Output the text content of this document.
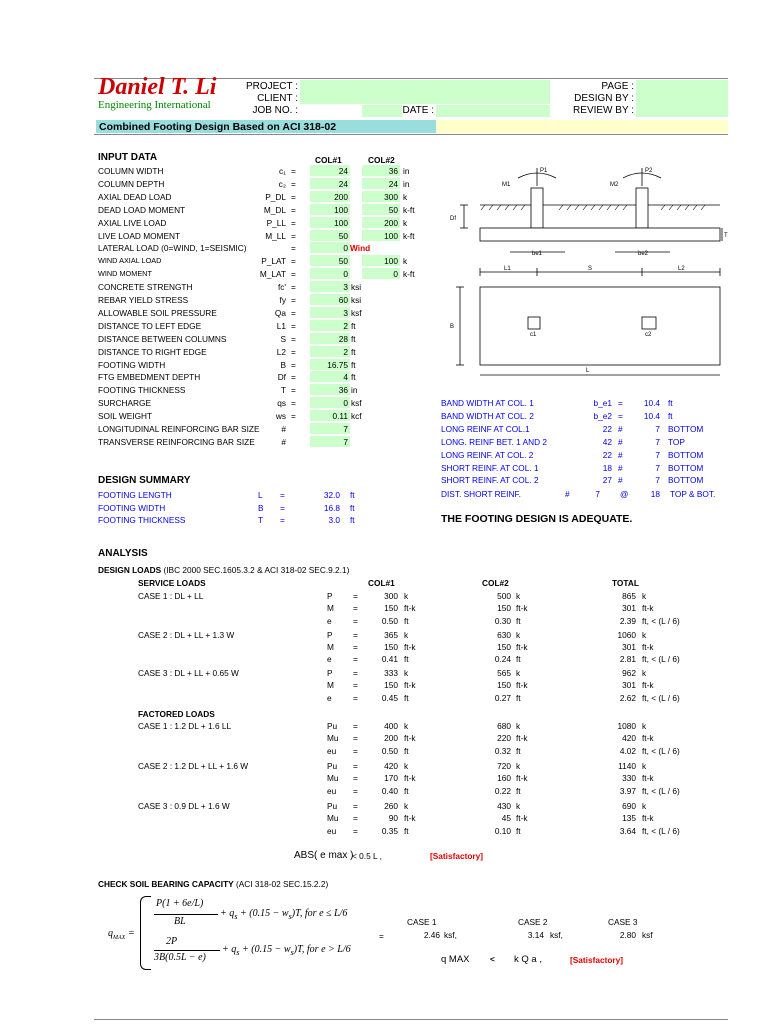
Daniel T. Li
Engineering International
PROJECT :
CLIENT :
JOB NO. :	DATE :
PAGE :
DESIGN BY :
REVIEW BY :
Combined Footing Design Based on ACI 318-02
INPUT DATA	COL#1	COL#2
COLUMN WIDTH	c₁ =	24	36 in
COLUMN DEPTH	c₂ =	24	24 in
AXIAL DEAD LOAD	P_DL =	200	300 k
DEAD LOAD MOMENT	M_DL =	100	50 k-ft
AXIAL LIVE LOAD	P_LL =	100	200 k
LIVE LOAD MOMENT	M_LL =	50	100 k-ft
LATERAL LOAD (0=WIND, 1=SEISMIC)	=	0 Wind
WIND AXIAL LOAD	P_LAT =	50	100 k
WIND MOMENT	M_LAT =	0	0 k-ft
CONCRETE STRENGTH	fc' =	3 ksi
REBAR YIELD STRESS	fy =	60 ksi
ALLOWABLE SOIL PRESSURE	Qa =	3 ksf
DISTANCE TO LEFT EDGE	L1 =	2 ft
DISTANCE BETWEEN COLUMNS	S =	28 ft
DISTANCE TO RIGHT EDGE	L2 =	2 ft
FOOTING WIDTH	B =	16.75 ft
FTG EMBEDMENT DEPTH	Df =	4 ft
FOOTING THICKNESS	T =	36 in
SURCHARGE	qs =	0 ksf
SOIL WEIGHT	ws =	0.11 kcf
LONGITUDINAL REINFORCING BAR SIZE	#	7
TRANSVERSE REINFORCING BAR SIZE	#	7
DESIGN SUMMARY
FOOTING LENGTH	L =	32.0 ft
FOOTING WIDTH	B =	16.8 ft
FOOTING THICKNESS	T =	3.0 ft
BAND WIDTH AT COL. 1	b_e1 =	10.4 ft
BAND WIDTH AT COL. 2	b_e2 =	10.4 ft
LONG REINF AT COL.1	22 #	7 BOTTOM
LONG. REINF BET. 1 AND 2	42 #	7 TOP
LONG REINF. AT COL. 2	22 #	7 BOTTOM
SHORT REINF. AT COL. 1	18 #	7 BOTTOM
SHORT REINF. AT COL. 2	27 #	7 BOTTOM
DIST. SHORT REINF.	#	7 @	18 TOP & BOT.
THE FOOTING DESIGN IS ADEQUATE.
P1	P2
M1	M2
Df
T
be1	be2
L1	S	L2
B
L
c1	c2
ANALYSIS
DESIGN LOADS (IBC 2000 SEC.1605.3.2 & ACI 318-02 SEC.9.2.1)
SERVICE LOADS	COL#1	COL#2	TOTAL
CASE 1 : DL + LL	P =	300 k	500 k	865 k
M =	150 ft-k	150 ft-k	301 ft-k
e	=	0.50 ft	0.30 ft	2.39 ft, < (L / 6)
CASE 2 : DL + LL + 1.3 W	P =	365 k	630 k	1060 k
M =	150 ft-k	150 ft-k	301 ft-k
e	=	0.41 ft	0.24 ft	2.81 ft, < (L / 6)
CASE 3 : DL + LL + 0.65 W	P =	333 k	565 k	962 k
M =	150 ft-k	150 ft-k	301 ft-k
e	=	0.45 ft	0.27 ft	2.62 ft, < (L / 6)
FACTORED LOADS
CASE 1 : 1.2 DL + 1.6 LL	Pu =	400 k	680 k	1080 k
Mu =	200 ft-k	220 ft-k	420 ft-k
eu =	0.50 ft	0.32 ft	4.02 ft, < (L / 6)
CASE 2 : 1.2 DL + LL + 1.6 W	Pu =	420 k	720 k	1140 k
Mu =	170 ft-k	160 ft-k	330 ft-k
eu =	0.40 ft	0.22 ft	3.97 ft, < (L / 6)
CASE 3 : 0.9 DL + 1.6 W	Pu =	260 k	430 k	690 k
Mu =	90 ft-k	45 ft-k	135 ft-k
eu =	0.35 ft	0.10 ft	3.64 ft, < (L / 6)
ABS( e max )
< 0.5 L ,	[Satisfactory]
CHECK SOIL BEARING CAPACITY (ACI 318-02 SEC.15.2.2)
$q_{MAX}$ =
P(1 + 6e/L)
BL
+ $q_s + (0.15 - w_s)T$, for e ≤ L/6
2P
3B(0.5L − e)
+ $q_s + (0.15 - w_s)T$, for e > L/6
CASE 1	CASE 2	CASE 3
=	2.46 ksf,	3.14 ksf,	2.80 ksf
q MAX < k Q a ,	[Satisfactory]
